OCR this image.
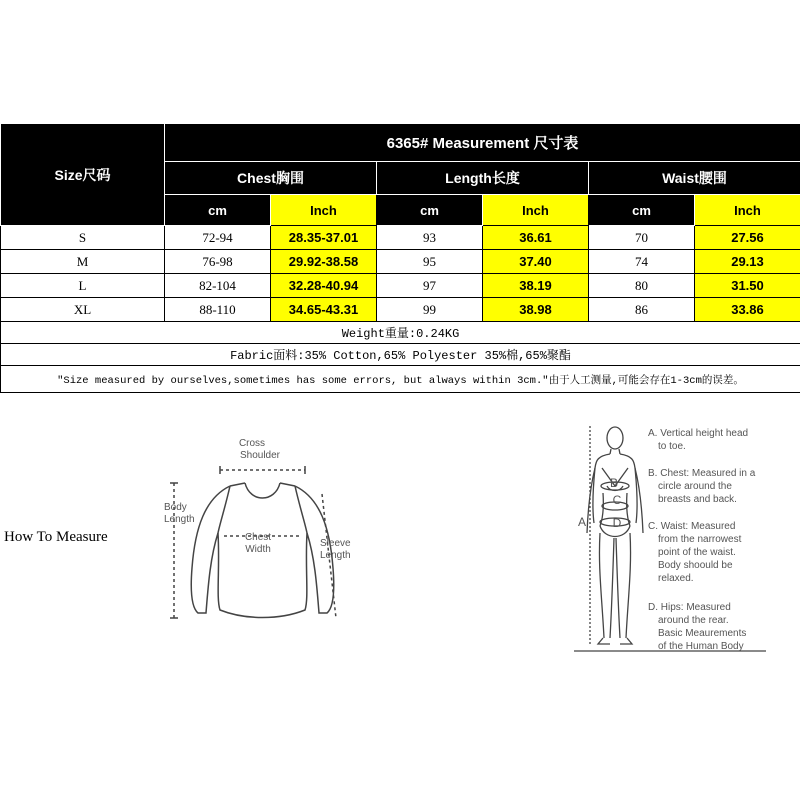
Size尺码	6365# Measurement 尺寸表					
	Chest胸围		Length长度		Waist腰围	
	cm	Inch	cm	Inch	cm	Inch
S	72-94	28.35-37.01	93	36.61	70	27.56
M	76-98	29.92-38.58	95	37.40	74	29.13
L	82-104	32.28-40.94	97	38.19	80	31.50
XL	88-110	34.65-43.31	99	38.98	86	33.86
Weight重量:0.24KG						
Fabric面料:35% Cotton,65% Polyester 35%棉,65%聚酯						
"Size measured by ourselves,sometimes has some errors, but always within 3cm."由于人工测量,可能会存在1-3cm的误差。						
How To Measure
Cross
Shoulder
Body
Length
Chest
Width
Sleeve
Length
B
C
D
A
A. Vertical height head
to toe.
B. Chest: Measured in a
circle around the
breasts and back.
C. Waist: Measured
from the narrowest
point of the waist.
Body shoould be
relaxed.
D. Hips: Measured
around the rear.
Basic Meaurements
of the Human Body
